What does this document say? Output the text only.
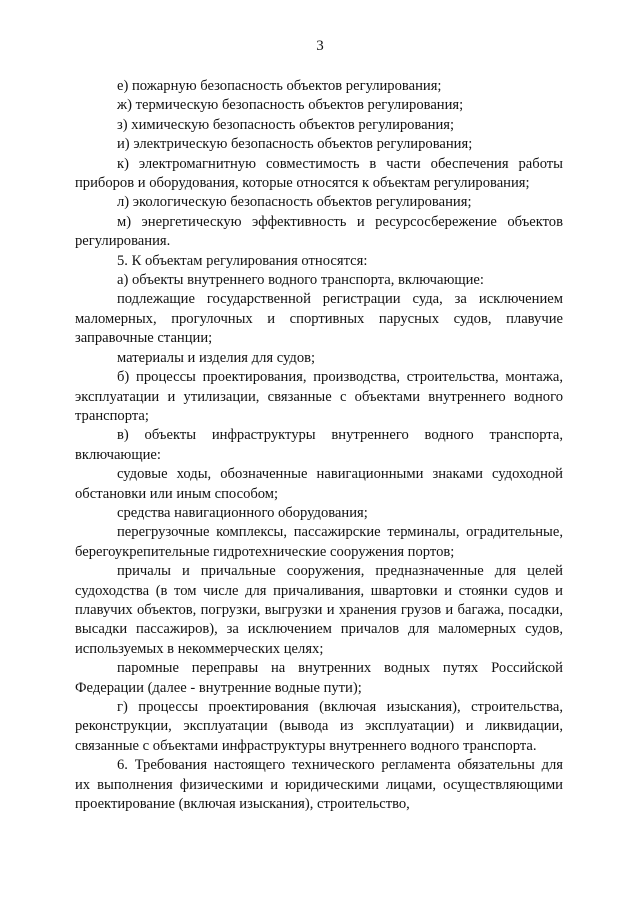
3

е) пожарную безопасность объектов регулирования;

ж) термическую безопасность объектов регулирования;

з) химическую безопасность объектов регулирования;

и) электрическую безопасность объектов регулирования;

к) электромагнитную совместимость в части обеспечения работы приборов и оборудования, которые относятся к объектам регулирования;

л) экологическую безопасность объектов регулирования;

м) энергетическую эффективность и ресурсосбережение объектов регулирования.

5. К объектам регулирования относятся:

а) объекты внутреннего водного транспорта, включающие:

подлежащие государственной регистрации суда, за исключением маломерных, прогулочных и спортивных парусных судов, плавучие заправочные станции;

материалы и изделия для судов;

б) процессы проектирования, производства, строительства, монтажа, эксплуатации и утилизации, связанные с объектами внутреннего водного транспорта;

в) объекты инфраструктуры внутреннего водного транспорта, включающие:

судовые ходы, обозначенные навигационными знаками судоходной обстановки или иным способом;

средства навигационного оборудования;

перегрузочные комплексы, пассажирские терминалы, оградительные, берегоукрепительные гидротехнические сооружения портов;

причалы и причальные сооружения, предназначенные для целей судоходства (в том числе для причаливания, швартовки и стоянки судов и плавучих объектов, погрузки, выгрузки и хранения грузов и багажа, посадки, высадки пассажиров), за исключением причалов для маломерных судов, используемых в некоммерческих целях;

паромные переправы на внутренних водных путях Российской Федерации (далее - внутренние водные пути);

г) процессы проектирования (включая изыскания), строительства, реконструкции, эксплуатации (вывода из эксплуатации) и ликвидации, связанные с объектами инфраструктуры внутреннего водного транспорта.

6. Требования настоящего технического регламента обязательны для их выполнения физическими и юридическими лицами, осуществляющими проектирование (включая изыскания), строительство,
